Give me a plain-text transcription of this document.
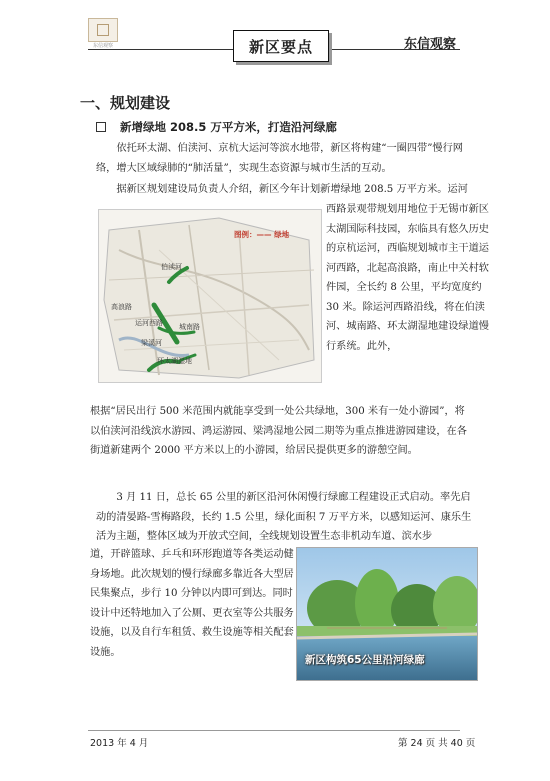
东信观察	新区要点	东信观察
一、规划建设
新增绿地 208.5 万平方米，打造沿河绿廊
依托环太湖、伯渎河、京杭大运河等滨水地带，新区将构建“一圈四带”慢行网络，增大区域绿肺的“肺活量”，实现生态资源与城市生活的互动。
据新区规划建设局负责人介绍，新区今年计划新增绿地 208.5 万平方米。运河
西路景观带规划用地位于无锡市新区太湖国际科技园，东临具有悠久历史的京杭运河，西临规划城市主干道运河西路，北起高浪路，南止中关村软件园，全长约 8 公里，平均宽度约 30 米。除运河西路沿线，将在伯渎河、城南路、环太湖湿地建设绿道慢行系统。此外，
图例：—— 绿地
伯渎河
高浪路
运河西路 城南路
梁溪河
环太湖湿地
根据“居民出行 500 米范围内就能享受到一处公共绿地，300 米有一处小游园”，将以伯渎河沿线滨水游园、鸿运游园、梁鸿湿地公园二期等为重点推进游园建设，在各街道新建两个 2000 平方米以上的小游园，给居民提供更多的游憩空间。
3 月 11 日，总长 65 公里的新区沿河休闲慢行绿廊工程建设正式启动。率先启动的清晏路-雪梅路段，长约 1.5 公里，绿化面积 7 万平方米，以感知运河、康乐生活为主题，整体区域为开放式空间，全线规划设置生态非机动车道、滨水步
道，开辟篮球、乒乓和环形跑道等各类运动健身场地。此次规划的慢行绿廊多靠近各大型居民集聚点，步行 10 分钟以内即可到达。同时设计中还特地加入了公厕、更衣室等公共服务设施，以及自行车租赁、救生设施等相关配套设施。
新区构筑65公里沿河绿廊
2013 年 4 月	第 24 页 共 40 页
